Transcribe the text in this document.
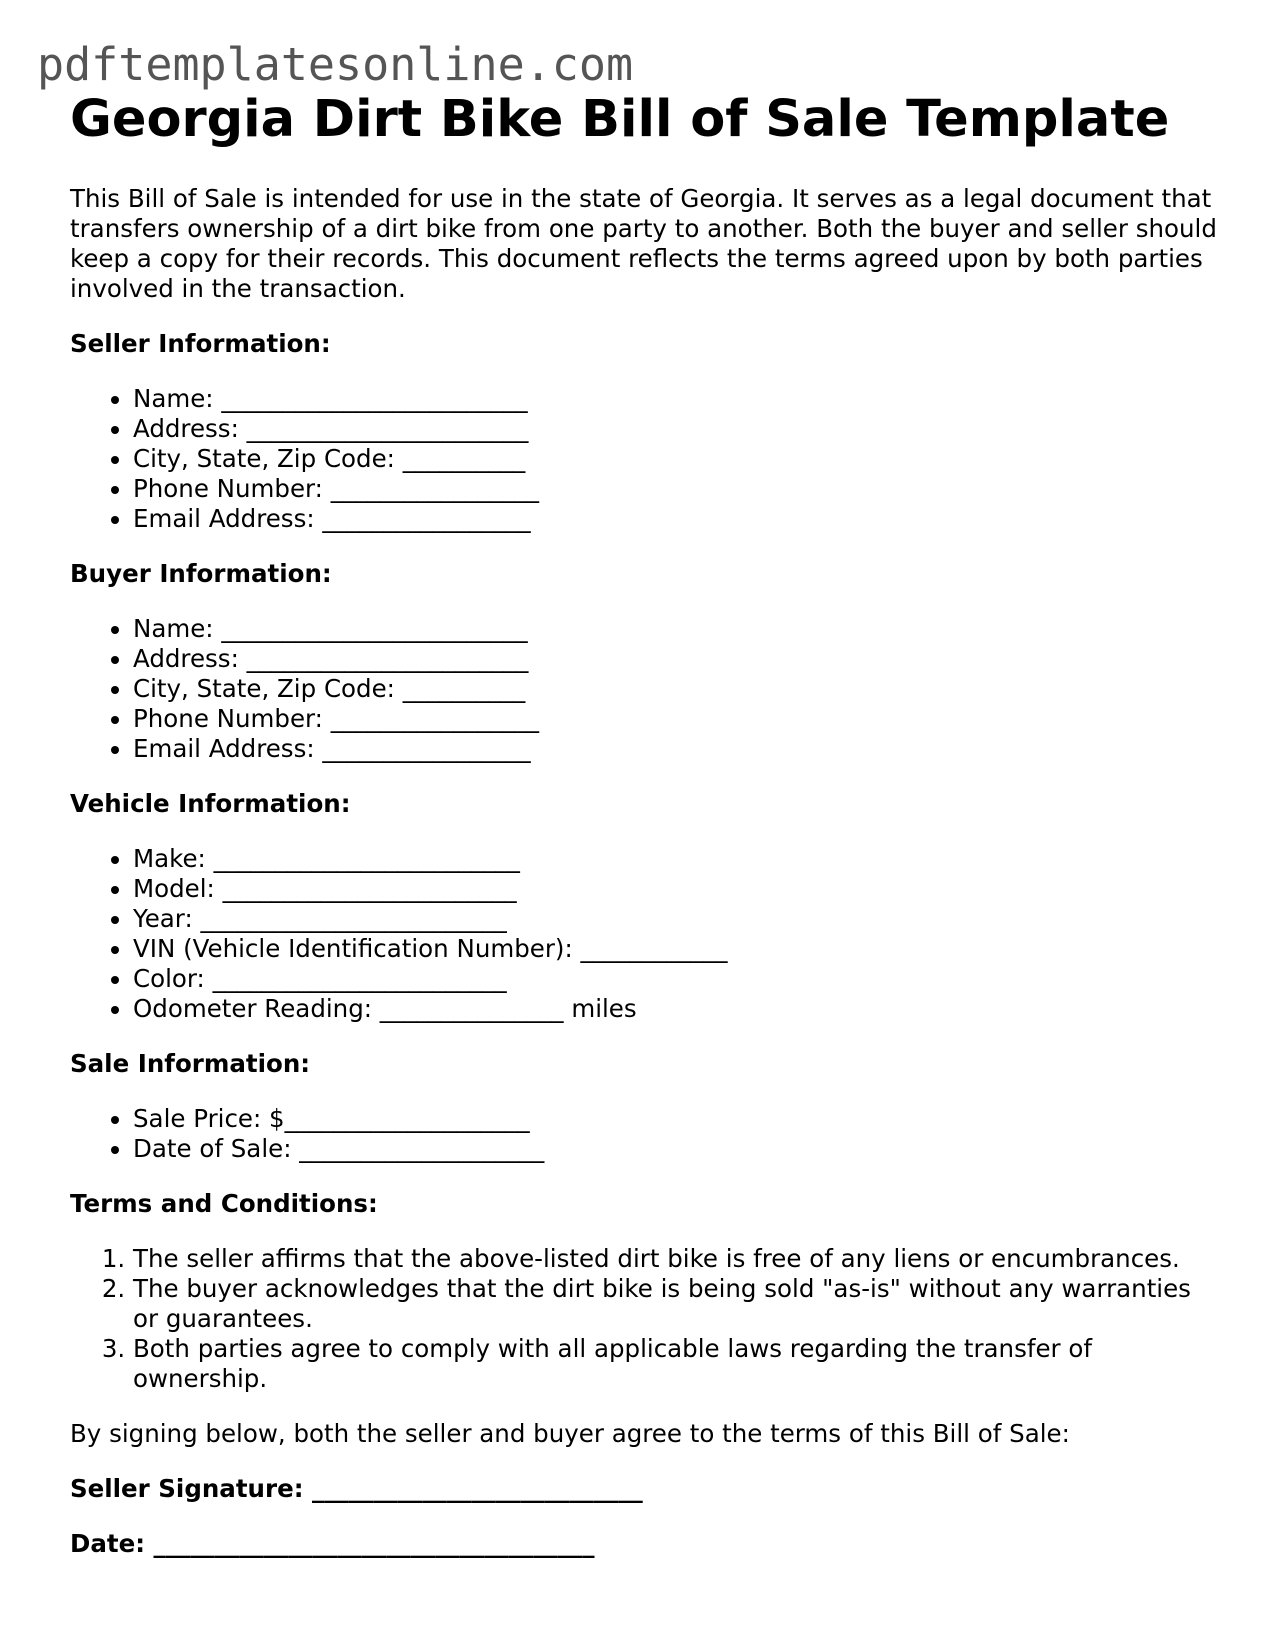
pdftemplatesonline.com
Georgia Dirt Bike Bill of Sale Template

This Bill of Sale is intended for use in the state of Georgia. It serves as a legal document that transfers ownership of a dirt bike from one party to another. Both the buyer and seller should keep a copy for their records. This document reflects the terms agreed upon by both parties involved in the transaction.

Seller Information:
• Name: _________________________
• Address: _______________________
• City, State, Zip Code: __________
• Phone Number: _________________
• Email Address: _________________
Buyer Information:
• Name: _________________________
• Address: _______________________
• City, State, Zip Code: __________
• Phone Number: _________________
• Email Address: _________________
Vehicle Information:
• Make: _________________________
• Model: ________________________
• Year: _________________________
• VIN (Vehicle Identification Number): ____________
• Color: ________________________
• Odometer Reading: _______________ miles
Sale Information:
• Sale Price: $____________________
• Date of Sale: ____________________
Terms and Conditions:
1. The seller affirms that the above-listed dirt bike is free of any liens or encumbrances.
2. The buyer acknowledges that the dirt bike is being sold "as-is" without any warranties or guarantees.
3. Both parties agree to comply with all applicable laws regarding the transfer of ownership.

By signing below, both the seller and buyer agree to the terms of this Bill of Sale:

Seller Signature: ___________________________

Date: ____________________________________
